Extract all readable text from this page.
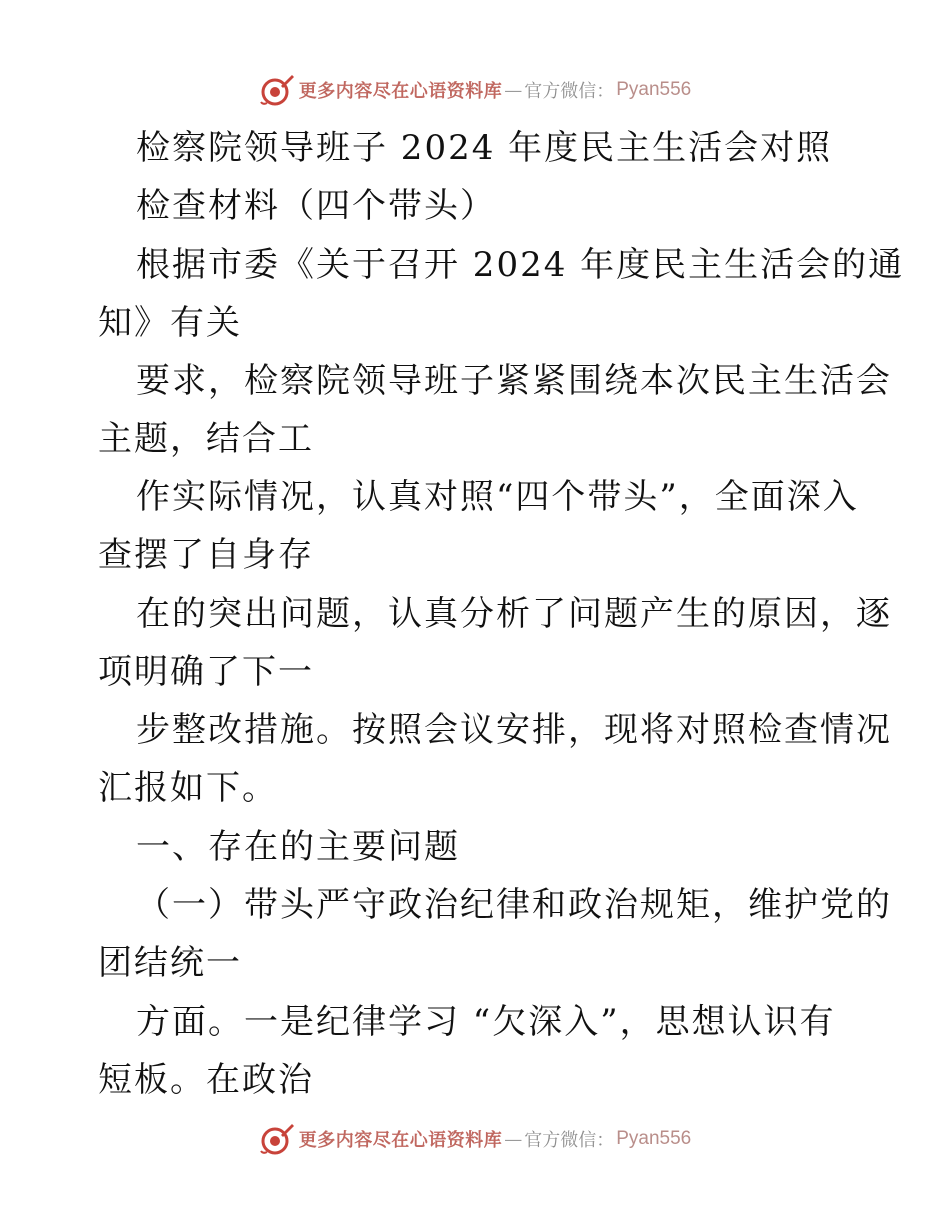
更多内容尽在心语资料库 — 官方微信： Pyan556

检察院领导班子 2024 年度民主生活会对照

检查材料（四个带头）

根据市委《关于召开 2024 年度民主生活会的通

知》有关

要求，检察院领导班子紧紧围绕本次民主生活会

主题，结合工

作实际情况，认真对照“四个带头”，全面深入

查摆了自身存

在的突出问题，认真分析了问题产生的原因，逐

项明确了下一

步整改措施。按照会议安排，现将对照检查情况

汇报如下。

一、存在的主要问题

（一）带头严守政治纪律和政治规矩，维护党的

团结统一

方面。一是纪律学习 “欠深入”，思想认识有

短板。在政治

更多内容尽在心语资料库 — 官方微信： Pyan556
